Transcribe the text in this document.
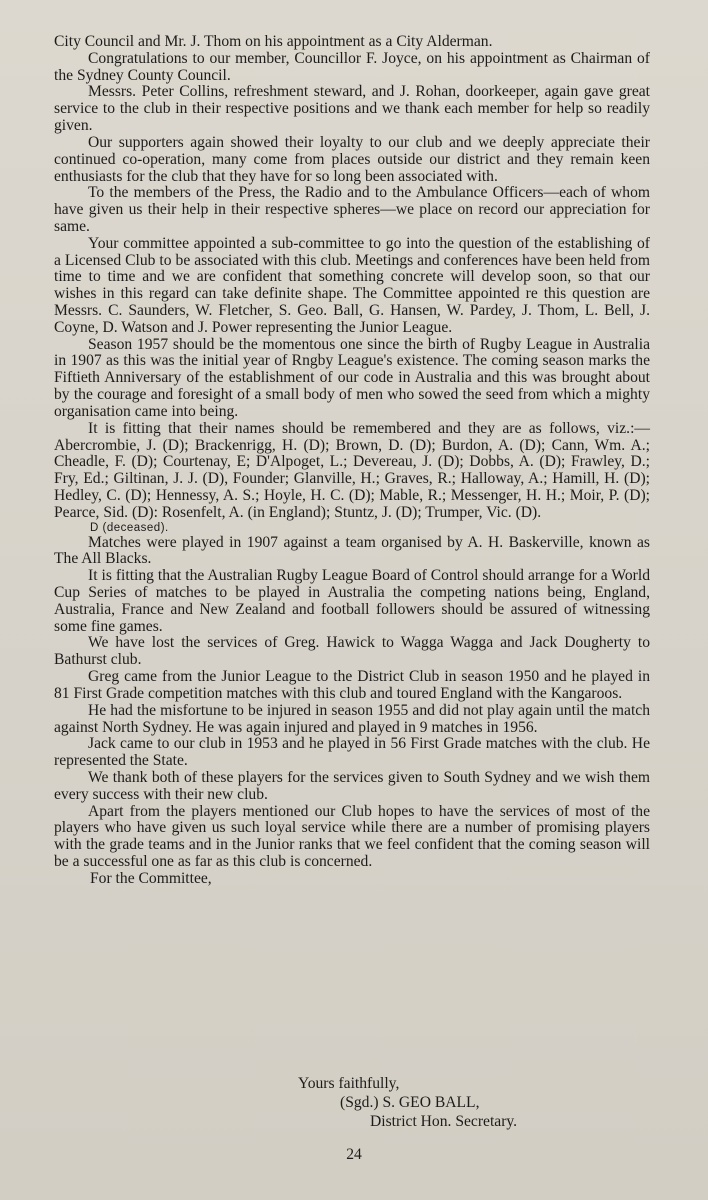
City Council and Mr. J. Thom on his appointment as a City Alderman.

Congratulations to our member, Councillor F. Joyce, on his appointment as Chairman of the Sydney County Council.

Messrs. Peter Collins, refreshment steward, and J. Rohan, doorkeeper, again gave great service to the club in their respective positions and we thank each member for help so readily given.

Our supporters again showed their loyalty to our club and we deeply appreciate their continued co-operation, many come from places outside our district and they remain keen enthusiasts for the club that they have for so long been associated with.

To the members of the Press, the Radio and to the Ambulance Officers—each of whom have given us their help in their respective spheres—we place on record our appreciation for same.

Your committee appointed a sub-committee to go into the question of the establishing of a Licensed Club to be associated with this club. Meetings and conferences have been held from time to time and we are confident that something concrete will develop soon, so that our wishes in this regard can take definite shape. The Committee appointed re this question are Messrs. C. Saunders, W. Fletcher, S. Geo. Ball, G. Hansen, W. Pardey, J. Thom, L. Bell, J. Coyne, D. Watson and J. Power representing the Junior League.

Season 1957 should be the momentous one since the birth of Rugby League in Australia in 1907 as this was the initial year of Rngby League's existence. The coming season marks the Fiftieth Anniversary of the establishment of our code in Australia and this was brought about by the courage and foresight of a small body of men who sowed the seed from which a mighty organisation came into being.

It is fitting that their names should be remembered and they are as follows, viz.:—Abercrombie, J. (D); Brackenrigg, H. (D); Brown, D. (D); Burdon, A. (D); Cann, Wm. A.; Cheadle, F. (D); Courtenay, E; D'Alpoget, L.; Devereau, J. (D); Dobbs, A. (D); Frawley, D.; Fry, Ed.; Giltinan, J. J. (D), Founder; Glanville, H.; Graves, R.; Halloway, A.; Hamill, H. (D); Hedley, C. (D); Hennessy, A. S.; Hoyle, H. C. (D); Mable, R.; Messenger, H. H.; Moir, P. (D); Pearce, Sid. (D): Rosenfelt, A. (in England); Stuntz, J. (D); Trumper, Vic. (D).

D (deceased).

Matches were played in 1907 against a team organised by A. H. Baskerville, known as The All Blacks.

It is fitting that the Australian Rugby League Board of Control should arrange for a World Cup Series of matches to be played in Australia the competing nations being, England, Australia, France and New Zealand and football followers should be assured of witnessing some fine games.

We have lost the services of Greg. Hawick to Wagga Wagga and Jack Dougherty to Bathurst club.

Greg came from the Junior League to the District Club in season 1950 and he played in 81 First Grade competition matches with this club and toured England with the Kangaroos.

He had the misfortune to be injured in season 1955 and did not play again until the match against North Sydney. He was again injured and played in 9 matches in 1956.

Jack came to our club in 1953 and he played in 56 First Grade matches with the club. He represented the State.

We thank both of these players for the services given to South Sydney and we wish them every success with their new club.

Apart from the players mentioned our Club hopes to have the services of most of the players who have given us such loyal service while there are a number of promising players with the grade teams and in the Junior ranks that we feel confident that the coming season will be a successful one as far as this club is concerned.

For the Committee,

Yours faithfully,
(Sgd.) S. GEO BALL,
District Hon. Secretary.
24
